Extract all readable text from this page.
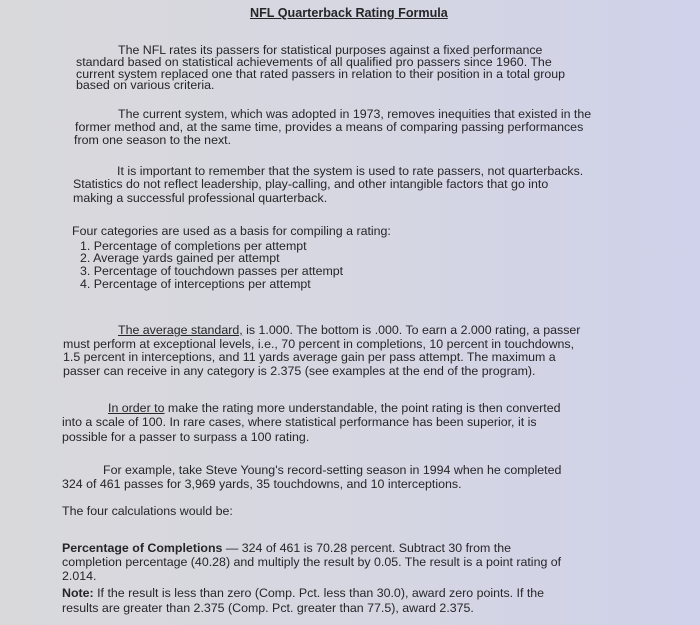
NFL Quarterback Rating Formula
The NFL rates its passers for statistical purposes against a fixed performance
standard based on statistical achievements of all qualified pro passers since 1960. The
current system replaced one that rated passers in relation to their position in a total group
based on various criteria.
The current system, which was adopted in 1973, removes inequities that existed in the
former method and, at the same time, provides a means of comparing passing performances
from one season to the next.
It is important to remember that the system is used to rate passers, not quarterbacks.
Statistics do not reflect leadership, play-calling, and other intangible factors that go into
making a successful professional quarterback.
Four categories are used as a basis for compiling a rating:
1. Percentage of completions per attempt
2. Average yards gained per attempt
3. Percentage of touchdown passes per attempt
4. Percentage of interceptions per attempt
The average standard, is 1.000. The bottom is .000. To earn a 2.000 rating, a passer
must perform at exceptional levels, i.e., 70 percent in completions, 10 percent in touchdowns,
1.5 percent in interceptions, and 11 yards average gain per pass attempt. The maximum a
passer can receive in any category is 2.375 (see examples at the end of the program).
In order to make the rating more understandable, the point rating is then converted
into a scale of 100. In rare cases, where statistical performance has been superior, it is
possible for a passer to surpass a 100 rating.
For example, take Steve Young's record-setting season in 1994 when he completed
324 of 461 passes for 3,969 yards, 35 touchdowns, and 10 interceptions.
The four calculations would be:
Percentage of Completions — 324 of 461 is 70.28 percent. Subtract 30 from the
completion percentage (40.28) and multiply the result by 0.05. The result is a point rating of
2.014.
Note: If the result is less than zero (Comp. Pct. less than 30.0), award zero points. If the
results are greater than 2.375 (Comp. Pct. greater than 77.5), award 2.375.
